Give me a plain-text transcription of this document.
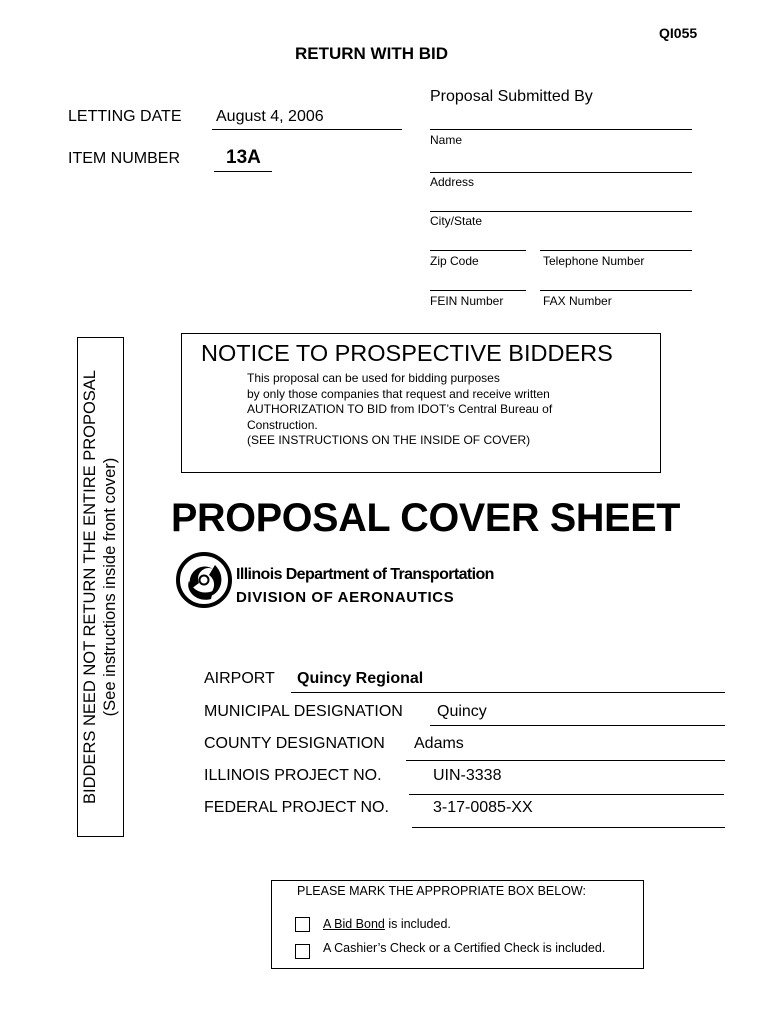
QI055
RETURN WITH BID
LETTING DATE August 4, 2006
ITEM NUMBER 13A
Proposal Submitted By
Name
Address
City/State
Zip Code	Telephone Number
FEIN Number	FAX Number
BIDDERS NEED NOT RETURN THE ENTIRE PROPOSAL (See instructions inside front cover)
NOTICE TO PROSPECTIVE BIDDERS
This proposal can be used for bidding purposes
by only those companies that request and receive written
AUTHORIZATION TO BID from IDOT’s Central Bureau of
Construction.
(SEE INSTRUCTIONS ON THE INSIDE OF COVER)
PROPOSAL COVER SHEET
Illinois Department of Transportation
DIVISION OF AERONAUTICS
AIRPORT Quincy Regional
MUNICIPAL DESIGNATION Quincy
COUNTY DESIGNATION Adams
ILLINOIS PROJECT NO.	UIN-3338
FEDERAL PROJECT NO.	3-17-0085-XX
PLEASE MARK THE APPROPRIATE BOX BELOW:
A Bid Bond is included.
A Cashier’s Check or a Certified Check is included.
